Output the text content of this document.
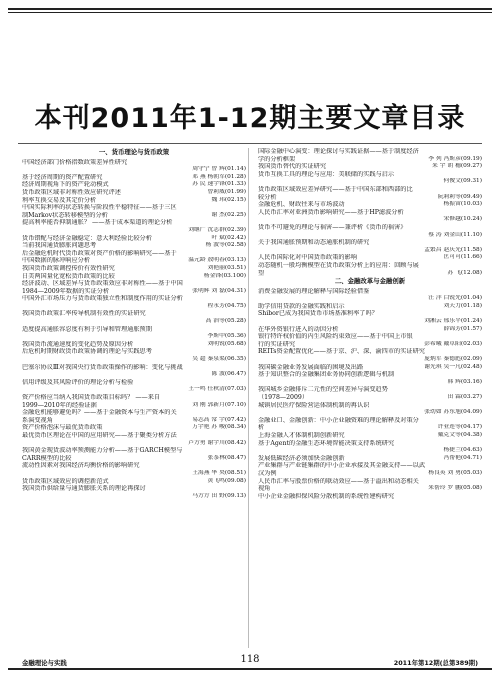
本刊2011年1-12期主要文章目录
一、货币理论与货币政策
中国经济部门价格指数政策差异性研究
周守宁 曾 辉(01.14)
基于经济周期的资产配置研究	邓 燕 杨朝军(01.28)
经济周期视角下的资产轮动模式	苏 民 速宇锋(01.33)
货币政策区域非对称性效应研究评述	曾莉威(01.99)
利率互换交易及其定价分析	魏 玮(02.15)
中国实际利率的状态转换与阶段性平稳特征——基于三区
制Markov状态转移模型的分析	谢 杰(02.25)
提高利率能否抑制通胀？ ——基于成本渠道的理论分析
刘继广 沈志群(02.39)
货币错配与经济金融稳定：意大利经验比较分析	叶 斌(02.42)
当前我国通货膨胀问题思考	杨 波等(02.58)
后金融危机时代货币政策对资产价格的影响研究——基于
中国数据的脉冲响应分析	温元龄 敖明春(03.13)
我国货币政策调控传价有效性研究	刘艳丽(03.51)
日美两国量化宽松货币政策的比较	杨金锋(03.100)
经济波动、区域差异与货币政策效应非对称性——基于中国
1984—2009年数据的实证分析	张明辉 刘 磊(04.31)
中国外汇市场压力与货币政策独立性和制度作用的实证分析
程永芳(04.75)
我国货币政策汇率传导机制有效性的实证研究
高 治等(05.28)
适度提高通胀容忍度有利于引导和管理通胀预期
李斯中(05.36)
我国货币流通速度的变化趋势及原因分析	刘明锐(05.68)
后危机时期财政货币政策协调的理论与实践思考
吴 超 秦泉渠(06.35)
巴塞尔协议Ⅲ对我国央行货币政策操作的影响：变化与挑战
陈 波(06.47)
信用评级及其风险评价的理论分析与检验
王一鸣 任秋清(07.03)
资产价格应当纳入我国货币政策目标吗？ ——来自
1999—2010年的经验证据	刘 刚 郭新月(07.10)
金融危机能够避免吗？——基于金融资本与生产资本的关
系演变视角	易志高 常 宇(07.42)
资产价格泡沫与最优货币政策	万宇艳 苏 峻(08.34)
最优货币区理论在中国的应用研究——基于聚类分析方法
卢方勇 谢宇川(08.42)
我国黄金现货波动率预测能力分析——基于GARCH模型与
CARR模型的比较	张茶林(08.47)
流动性因素对我国经济均衡价格的影响研究
王海燕 华 央(08.51)
货币政策区域效应的调控新范式	黄飞鸣(09.08)
我国货币供给量与通货膨胀关系的理论再探讨
马方方 田 野(09.13)
国际金融中心演变：理论探讨与实践证据——基于制度经济
学的分析框架	李 列 冯斯彦(09.19)
我国货币替代的实证研究	朱 宇 胡 穗(09.27)
货币互换工具的理论与应用：美联储的实践与启示
何俊文(09.31)
货币政策区域效应差异研究——基于中国东部和西部的比
较分析	阮莉莉等(09.49)
金融危机、财政往来与市场波动	杨振宙(10.03)
人民币汇率对亚洲货币影响研究——基于HP滤波分析
宋修越(10.24)
货币不可避免的理论与祸害——兼评析《货币的祸害》
蔡 涛 刘金山(11.10)
关于我国通胀预期和动态通胀机制的研究
孟繁昌 赵庆光(11.58)
人民币国际化对中国货币政策的影响	匡可可(11.66)
动态随机一般均衡模型在货币政策分析上的应用：回顾与展
望	苏 飞(12.08)
二、金融改革与金融创新
消费金融发展的理论解释与国际经验借鉴
汪 洋 白锐先(01.04)
助学信用贷款的金融实践和启示	刘天力(01.18)
Shibor已成为我国货币市场基准利率了吗？
刘湘云 邢乐平(01.24)
在华外资银行进入的动因分析	薛锦芳(01.57)
银行特许权价值的内生风险约束效应——基于中国上市银
行的实证研究	彭希曦 戴卓阳(02.03)
REITs资金配置优化——基于京、沪、深、渝四市的实证研究
庞炳军 秦德彪(02.09)
我国碳金融业务发展面临的困境及出路	谢光琪 吴一凡(02.48)
基于知识整合的金融集团业务协同创新逻辑与机制
韩 辉(03.16)
我国城乡金融排斥二元性的空间差异与演变趋势
（1978—2009）	田 霖(03.27)
城镇居民医疗保险营运体制机制的再认识
张幼如 苏东旭(04.09)
金融业口、金融创新：中小企业融资难的理论解释及对策分
析	许亚连等(04.17)
上海金融人才体制机制创新研究	戴克文等(04.38)
基于Agent的金融生态环境智能决策支持系统研究
杨捷兰(04.63)
发展低碳经济必须加快金融创新	冯帮艳(04.71)
产业集群与产业链集群的中小企业承接及其金融支持——以武
汉为例	杨良英 刘 勇(05.03)
人民币汇率与股票价格的联动效应——基于溢出和动态相关
视角	朱帮玲 罗 鹏(05.08)
中小企业金融担保风险分散机制的系统性建构研究
金融理论与实践	118	2011年第12期(总第389期)
